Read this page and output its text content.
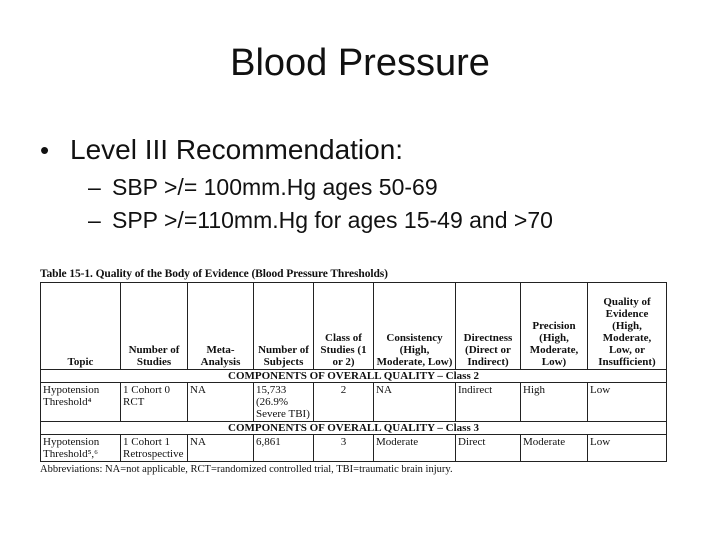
Blood Pressure
• Level III Recommendation:
– SBP >/= 100mm.Hg ages 50-69
– SPP >/=110mm.Hg for ages 15-49 and >70
Table 15-1. Quality of the Body of Evidence (Blood Pressure Thresholds)
Topic	Number of Studies	Meta-Analysis	Number of Subjects	Class of Studies (1 or 2)	Consistency (High, Moderate, Low)	Directness (Direct or Indirect)	Precision (High, Moderate, Low)	Quality of Evidence (High, Moderate, Low, or Insufficient)
COMPONENTS OF OVERALL QUALITY – Class 2								
Hypotension Threshold⁴	1 Cohort 0 RCT	NA	15,733 (26.9% Severe TBI)	2	NA	Indirect	High	Low
COMPONENTS OF OVERALL QUALITY – Class 3								
Hypotension Threshold⁵,⁶	1 Cohort 1 Retrospective	NA	6,861	3	Moderate	Direct	Moderate	Low
Abbreviations: NA=not applicable, RCT=randomized controlled trial, TBI=traumatic brain injury.
